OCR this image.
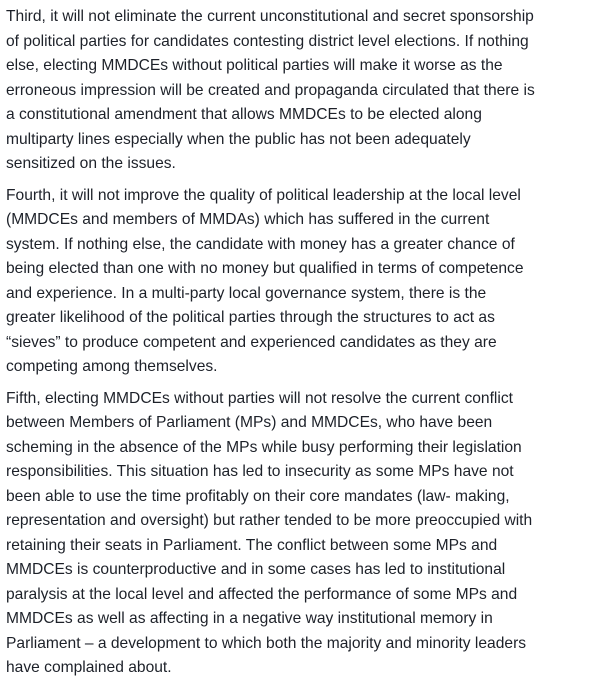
Third, it will not eliminate the current unconstitutional and secret sponsorship
of political parties for candidates contesting district level elections. If nothing
else, electing MMDCEs without political parties will make it worse as the
erroneous impression will be created and propaganda circulated that there is
a constitutional amendment that allows MMDCEs to be elected along
multiparty lines especially when the public has not been adequately
sensitized on the issues.

Fourth, it will not improve the quality of political leadership at the local level
(MMDCEs and members of MMDAs) which has suffered in the current
system. If nothing else, the candidate with money has a greater chance of
being elected than one with no money but qualified in terms of competence
and experience. In a multi-party local governance system, there is the
greater likelihood of the political parties through the structures to act as
“sieves” to produce competent and experienced candidates as they are
competing among themselves.

Fifth, electing MMDCEs without parties will not resolve the current conflict
between Members of Parliament (MPs) and MMDCEs, who have been
scheming in the absence of the MPs while busy performing their legislation
responsibilities. This situation has led to insecurity as some MPs have not
been able to use the time profitably on their core mandates (law- making,
representation and oversight) but rather tended to be more preoccupied with
retaining their seats in Parliament. The conflict between some MPs and
MMDCEs is counterproductive and in some cases has led to institutional
paralysis at the local level and affected the performance of some MPs and
MMDCEs as well as affecting in a negative way institutional memory in
Parliament – a development to which both the majority and minority leaders
have complained about.
